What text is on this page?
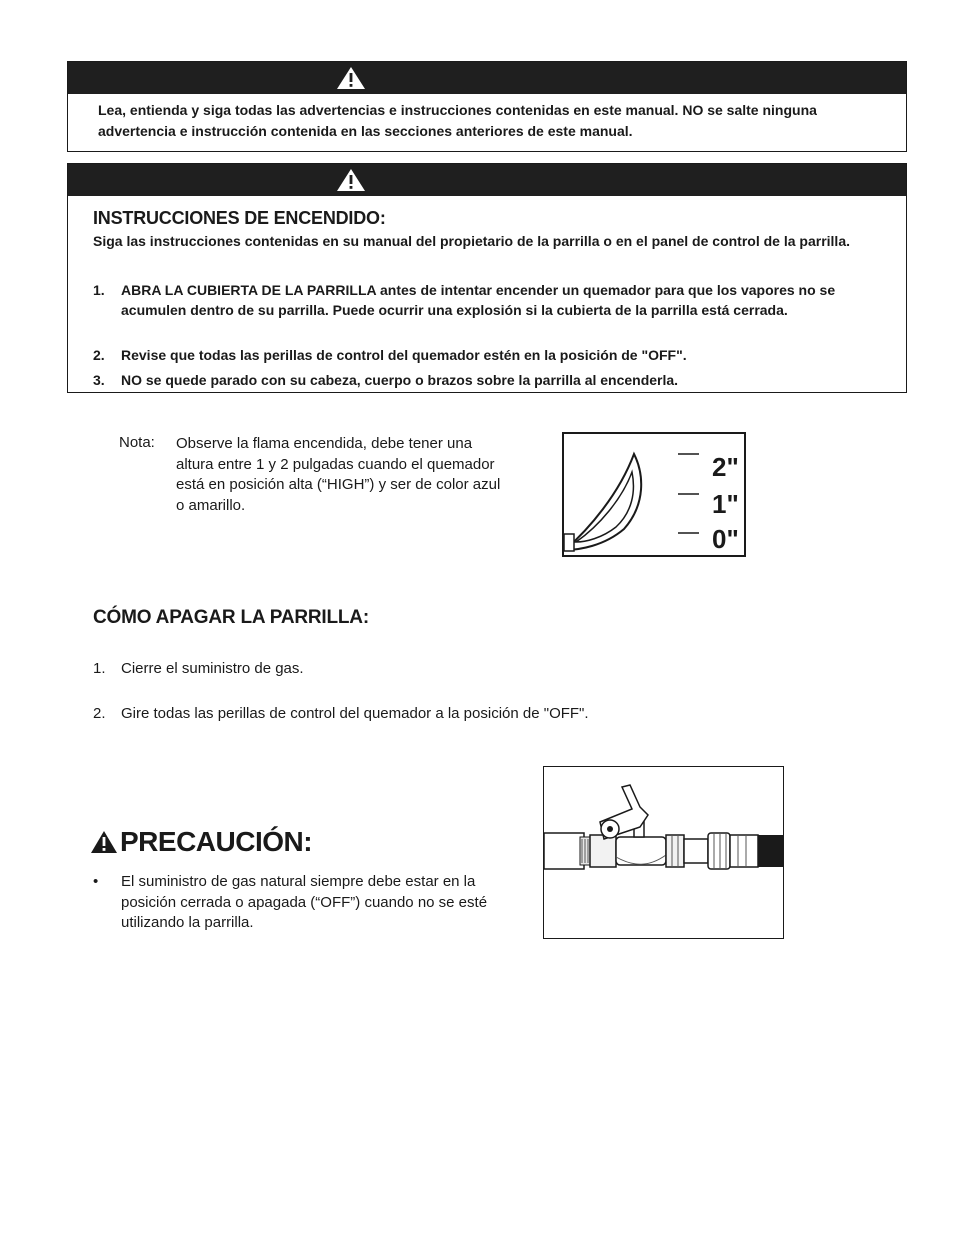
Lea, entienda y siga todas las advertencias e instrucciones contenidas en este manual. NO se salte ninguna advertencia e instrucción contenida en las secciones anteriores de este manual.
INSTRUCCIONES DE ENCENDIDO:
Siga las instrucciones contenidas en su manual del propietario de la parrilla o en el panel de control de la parrilla.
1. ABRA LA CUBIERTA DE LA PARRILLA antes de intentar encender un quemador para que los vapores no se acumulen dentro de su parrilla. Puede ocurrir una explosión si la cubierta de la parrilla está cerrada.
2. Revise que todas las perillas de control del quemador estén en la posición de "OFF".
3. NO se quede parado con su cabeza, cuerpo o brazos sobre la parrilla al encenderla.
Nota: Observe la flama encendida, debe tener una altura entre 1 y 2 pulgadas cuando el quemador está en posición alta (“HIGH”) y ser de color azul o amarillo.
2"
1"
0"
CÓMO APAGAR LA PARRILLA:
1. Cierre el suministro de gas.
2. Gire todas las perillas de control del quemador a la posición de "OFF".
PRECAUCIÓN:
• El suministro de gas natural siempre debe estar en la posición cerrada o apagada (“OFF”) cuando no se esté utilizando la parrilla.
